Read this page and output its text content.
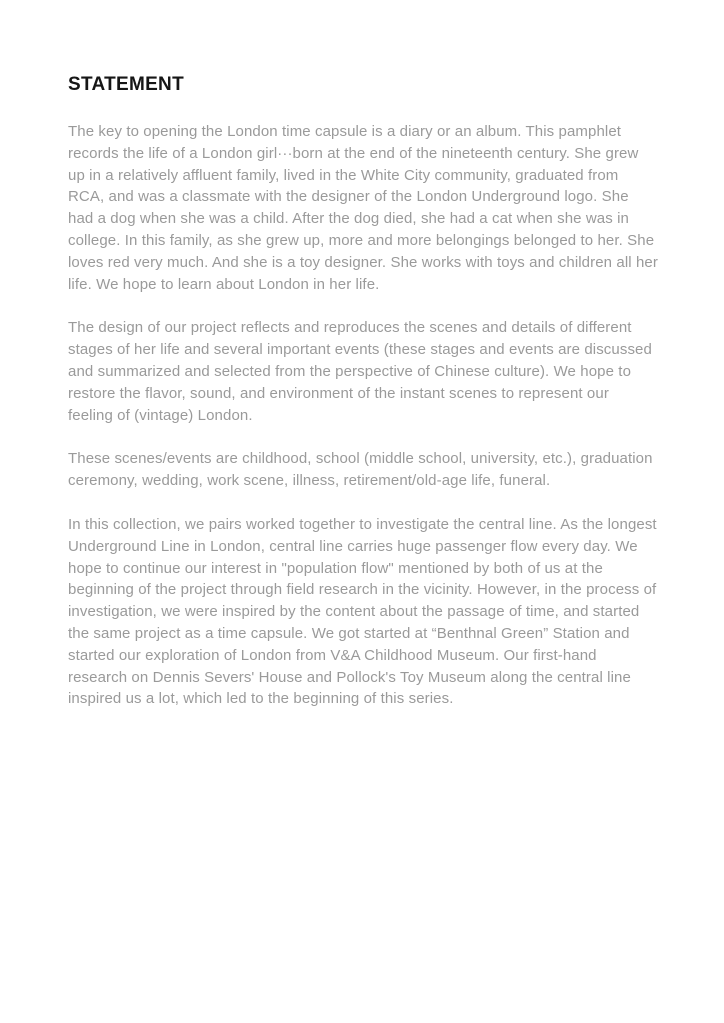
STATEMENT

The key to opening the London time capsule is a diary or an album. This pamphlet records the life of a London girl···born at the end of the nineteenth century. She grew up in a relatively affluent family, lived in the White City community, graduated from RCA, and was a classmate with the designer of the London Underground logo. She had a dog when she was a child. After the dog died, she had a cat when she was in college. In this family, as she grew up, more and more belongings belonged to her. She loves red very much. And she is a toy designer. She works with toys and children all her life. We hope to learn about London in her life.

The design of our project reflects and reproduces the scenes and details of different stages of her life and several important events (these stages and events are discussed and summarized and selected from the perspective of Chinese culture). We hope to restore the flavor, sound, and environment of the instant scenes to represent our feeling of (vintage) London.

These scenes/events are childhood, school (middle school, university, etc.), graduation ceremony, wedding, work scene, illness, retirement/old-age life, funeral.

In this collection, we pairs worked together to investigate the central line. As the longest Underground Line in London, central line carries huge passenger flow every day. We hope to continue our interest in "population flow" mentioned by both of us at the beginning of the project through field research in the vicinity. However, in the process of investigation, we were inspired by the content about the passage of time, and started the same project as a time capsule. We got started at “Benthnal Green” Station and started our exploration of London from V&A Childhood Museum. Our first-hand research on Dennis Severs' House and Pollock's Toy Museum along the central line inspired us a lot, which led to the beginning of this series.
